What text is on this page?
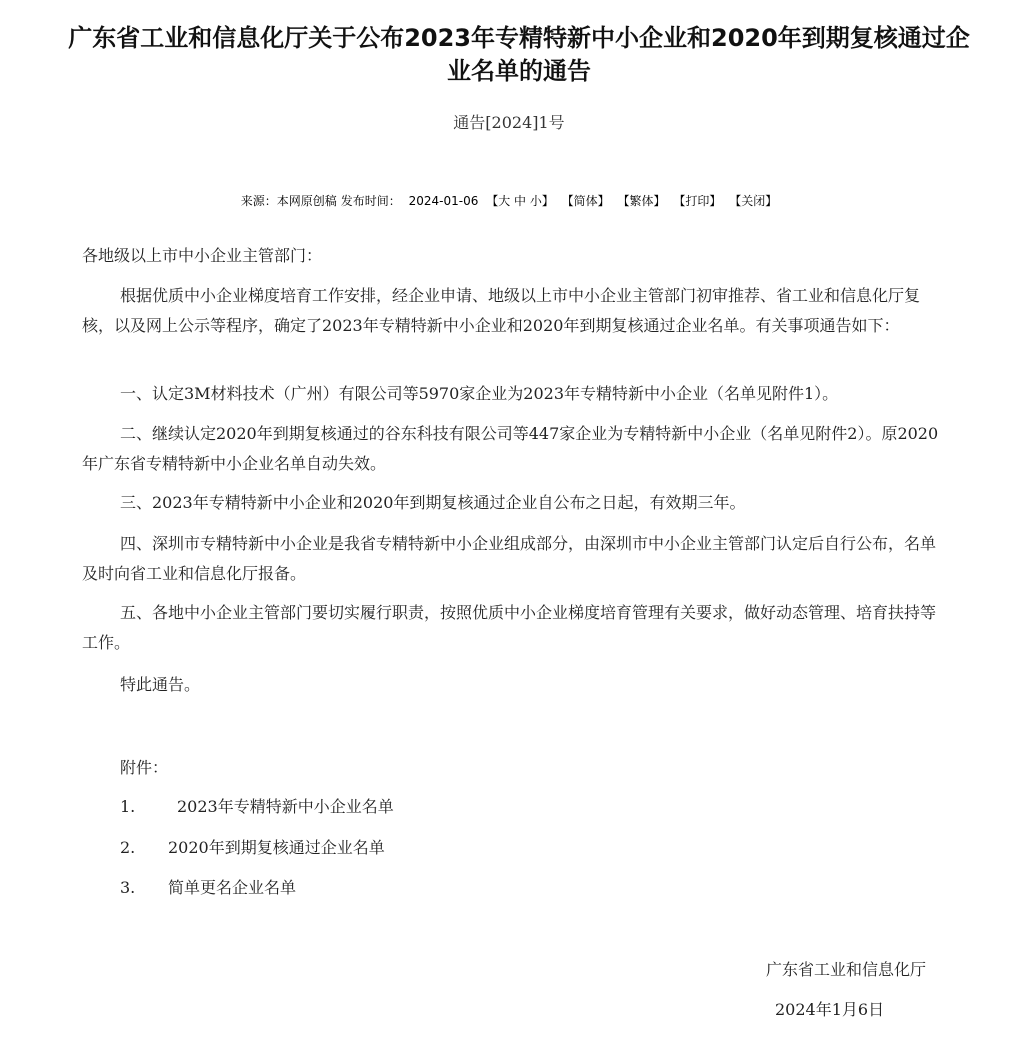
广东省工业和信息化厅关于公布2023年专精特新中小企业和2020年到期复核通过企业名单的通告
通告[2024]1号
来源：本网原创稿 发布时间： 2024-01-06 【大 中 小】 【简体】 【繁体】 【打印】 【关闭】

各地级以上市中小企业主管部门：

根据优质中小企业梯度培育工作安排，经企业申请、地级以上市中小企业主管部门初审推荐、省工业和信息化厅复核，以及网上公示等程序，确定了2023年专精特新中小企业和2020年到期复核通过企业名单。有关事项通告如下：

一、认定3M材料技术（广州）有限公司等5970家企业为2023年专精特新中小企业（名单见附件1）。

二、继续认定2020年到期复核通过的谷东科技有限公司等447家企业为专精特新中小企业（名单见附件2）。原2020年广东省专精特新中小企业名单自动失效。

三、2023年专精特新中小企业和2020年到期复核通过企业自公布之日起，有效期三年。

四、深圳市专精特新中小企业是我省专精特新中小企业组成部分，由深圳市中小企业主管部门认定后自行公布，名单及时向省工业和信息化厅报备。

五、各地中小企业主管部门要切实履行职责，按照优质中小企业梯度培育管理有关要求，做好动态管理、培育扶持等工作。

特此通告。

附件：
1.	2023年专精特新中小企业名单
2. 2020年到期复核通过企业名单
3. 简单更名企业名单
广东省工业和信息化厅
2024年1月6日
